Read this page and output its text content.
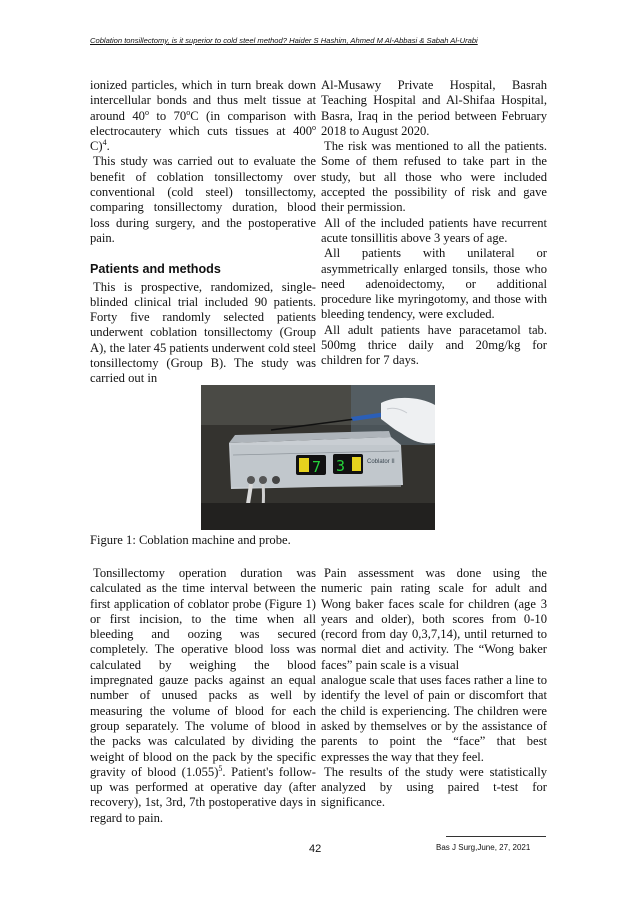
Coblation tonsillectomy, is it superior to cold steel method? Haider S Hashim, Ahmed M Al-Abbasi & Sabah Al-Urabi

ionized particles, which in turn break down intercellular bonds and thus melt tissue at around 40$^o$ to 70$^o$C (in comparison with electrocautery which cuts tissues at 400$^o$ C)$^4$.

This study was carried out to evaluate the benefit of coblation tonsillectomy over conventional (cold steel) tonsillectomy, comparing tonsillectomy duration, blood loss during surgery, and the postoperative pain.

Patients and methods

This is prospective, randomized, single-blinded clinical trial included 90 patients. Forty five randomly selected patients underwent coblation tonsillectomy (Group A), the later 45 patients underwent cold steel tonsillectomy (Group B). The study was carried out in

Al-Musawy Private Hospital, Basrah Teaching Hospital and Al-Shifaa Hospital, Basra, Iraq in the period between February 2018 to August 2020.

The risk was mentioned to all the patients. Some of them refused to take part in the study, but all those who were included accepted the possibility of risk and gave their permission.

All of the included patients have recurrent acute tonsillitis above 3 years of age.

All patients with unilateral or asymmetrically enlarged tonsils, those who need adenoidectomy, or additional procedure like myringotomy, and those with bleeding tendency, were excluded.

All adult patients have paracetamol tab. 500mg thrice daily and 20mg/kg for children for 7 days.

7 3	Coblator II
Figure 1: Coblation machine and probe.

Tonsillectomy operation duration was calculated as the time interval between the first application of coblator probe (Figure 1) or first incision, to the time when all bleeding and oozing was secured completely. The operative blood loss was calculated by weighing the blood impregnated gauze packs against an equal number of unused packs as well by measuring the volume of blood for each group separately. The volume of blood in the packs was calculated by dividing the weight of blood on the pack by the specific gravity of blood $(1.055)^5$. Patient's follow-up was performed at operative day (after recovery), 1st, 3rd, 7th postoperative days in regard to pain.

Pain assessment was done using the numeric pain rating scale for adult and Wong baker faces scale for children (age 3 years and older), both scores from 0-10 (record from day 0,3,7,14), until returned to normal diet and activity. The “Wong baker faces” pain scale is a visual

analogue scale that uses faces rather a line to identify the level of pain or discomfort that the child is experiencing. The children were asked by themselves or by the assistance of parents to point the “face” that best expresses the way that they feel.

The results of the study were statistically analyzed by using paired t-test for significance.

42	Bas J Surg,June, 27, 2021
